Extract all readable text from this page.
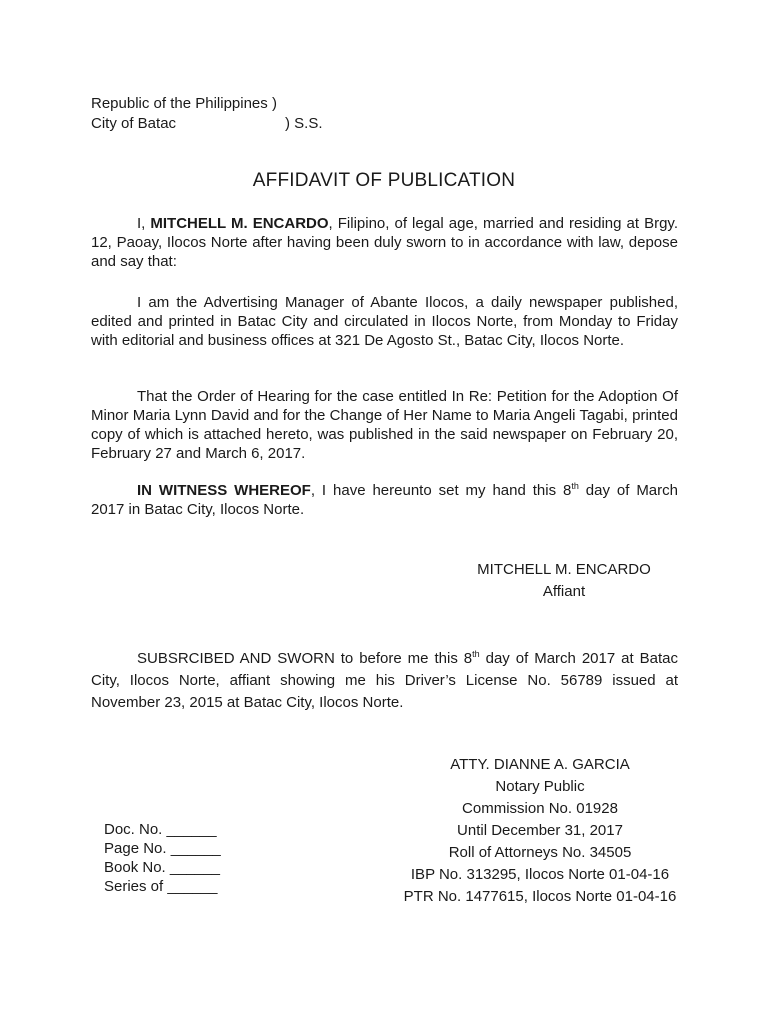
Republic of the Philippines )
City of Batac	) S.S.
AFFIDAVIT OF PUBLICATION
I, MITCHELL M. ENCARDO, Filipino, of legal age, married and residing at Brgy. 12, Paoay, Ilocos Norte after having been duly sworn to in accordance with law, depose and say that:
I am the Advertising Manager of Abante Ilocos, a daily newspaper published, edited and printed in Batac City and circulated in Ilocos Norte, from Monday to Friday with editorial and business offices at 321 De Agosto St., Batac City, Ilocos Norte.
That the Order of Hearing for the case entitled In Re: Petition for the Adoption Of Minor Maria Lynn David and for the Change of Her Name to Maria Angeli Tagabi, printed copy of which is attached hereto, was published in the said newspaper on February 20, February 27 and March 6, 2017.
IN WITNESS WHEREOF, I have hereunto set my hand this 8th day of March 2017 in Batac City, Ilocos Norte.
MITCHELL M. ENCARDO
Affiant
SUBSRCIBED AND SWORN to before me this 8th day of March 2017 at Batac City, Ilocos Norte, affiant showing me his Driver’s License No. 56789 issued at November 23, 2015 at Batac City, Ilocos Norte.
ATTY. DIANNE A. GARCIA
Notary Public
Commission No. 01928
Until December 31, 2017
Roll of Attorneys No. 34505
IBP No. 313295, Ilocos Norte 01-04-16
PTR No. 1477615, Ilocos Norte 01-04-16
Doc. No. ______
Page No. ______
Book No. ______
Series of ______
